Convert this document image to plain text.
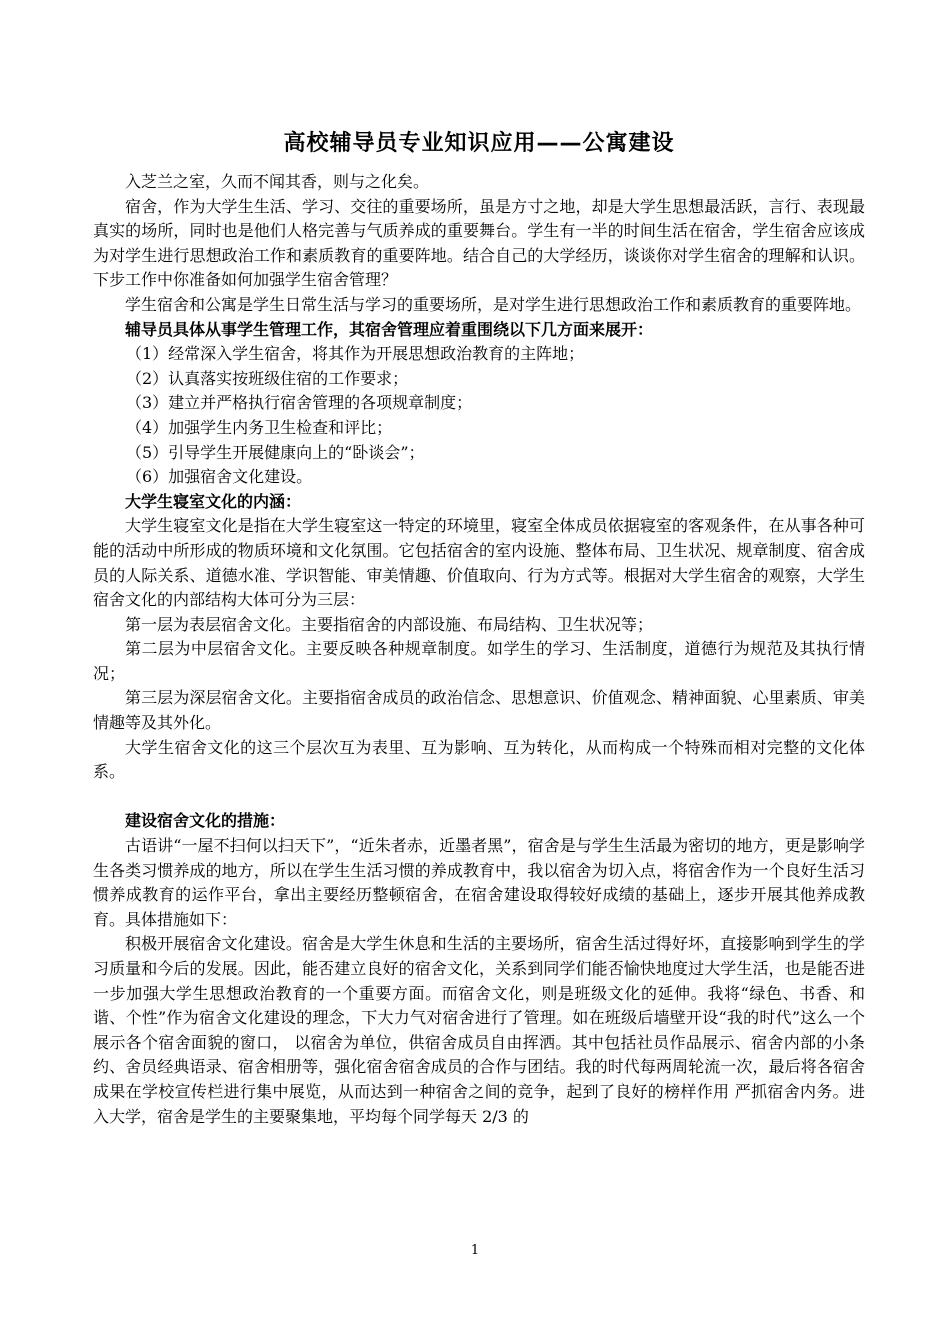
高校辅导员专业知识应用——公寓建设

入芝兰之室，久而不闻其香，则与之化矣。

宿舍，作为大学生生活、学习、交往的重要场所，虽是方寸之地，却是大学生思想最活跃，言行、表现最真实的场所，同时也是他们人格完善与气质养成的重要舞台。学生有一半的时间生活在宿舍，学生宿舍应该成为对学生进行思想政治工作和素质教育的重要阵地。结合自己的大学经历，谈谈你对学生宿舍的理解和认识。下步工作中你准备如何加强学生宿舍管理？

学生宿舍和公寓是学生日常生活与学习的重要场所，是对学生进行思想政治工作和素质教育的重要阵地。

辅导员具体从事学生管理工作，其宿舍管理应着重围绕以下几方面来展开：
（1）经常深入学生宿舍，将其作为开展思想政治教育的主阵地；
（2）认真落实按班级住宿的工作要求；
（3）建立并严格执行宿舍管理的各项规章制度；
（4）加强学生内务卫生检查和评比；
（5）引导学生开展健康向上的“卧谈会”；
（6）加强宿舍文化建设。
大学生寝室文化的内涵：

大学生寝室文化是指在大学生寝室这一特定的环境里，寝室全体成员依据寝室的客观条件，在从事各种可能的活动中所形成的物质环境和文化氛围。它包括宿舍的室内设施、整体布局、卫生状况、规章制度、宿舍成员的人际关系、道德水准、学识智能、审美情趣、价值取向、行为方式等。根据对大学生宿舍的观察，大学生宿舍文化的内部结构大体可分为三层：

第一层为表层宿舍文化。主要指宿舍的内部设施、布局结构、卫生状况等；

第二层为中层宿舍文化。主要反映各种规章制度。如学生的学习、生活制度，道德行为规范及其执行情况；

第三层为深层宿舍文化。主要指宿舍成员的政治信念、思想意识、价值观念、精神面貌、心里素质、审美情趣等及其外化。

大学生宿舍文化的这三个层次互为表里、互为影响、互为转化，从而构成一个特殊而相对完整的文化体系。

建设宿舍文化的措施：

古语讲“一屋不扫何以扫天下”，“近朱者赤，近墨者黑”，宿舍是与学生生活最为密切的地方，更是影响学生各类习惯养成的地方，所以在学生生活习惯的养成教育中，我以宿舍为切入点，将宿舍作为一个良好生活习惯养成教育的运作平台，拿出主要经历整顿宿舍，在宿舍建设取得较好成绩的基础上，逐步开展其他养成教育。具体措施如下：

积极开展宿舍文化建设。宿舍是大学生休息和生活的主要场所，宿舍生活过得好坏，直接影响到学生的学习质量和今后的发展。因此，能否建立良好的宿舍文化，关系到同学们能否愉快地度过大学生活，也是能否进一步加强大学生思想政治教育的一个重要方面。而宿舍文化，则是班级文化的延伸。我将“绿色、书香、和谐、个性”作为宿舍文化建设的理念，下大力气对宿舍进行了管理。如在班级后墙壁开设“我的时代”这么一个展示各个宿舍面貌的窗口， 以宿舍为单位，供宿舍成员自由挥洒。其中包括社员作品展示、宿舍内部的小条约、舍员经典语录、宿舍相册等，强化宿舍宿舍成员的合作与团结。我的时代每两周轮流一次，最后将各宿舍成果在学校宣传栏进行集中展览，从而达到一种宿舍之间的竞争，起到了良好的榜样作用 严抓宿舍内务。进入大学，宿舍是学生的主要聚集地，平均每个同学每天 2/3 的

1
